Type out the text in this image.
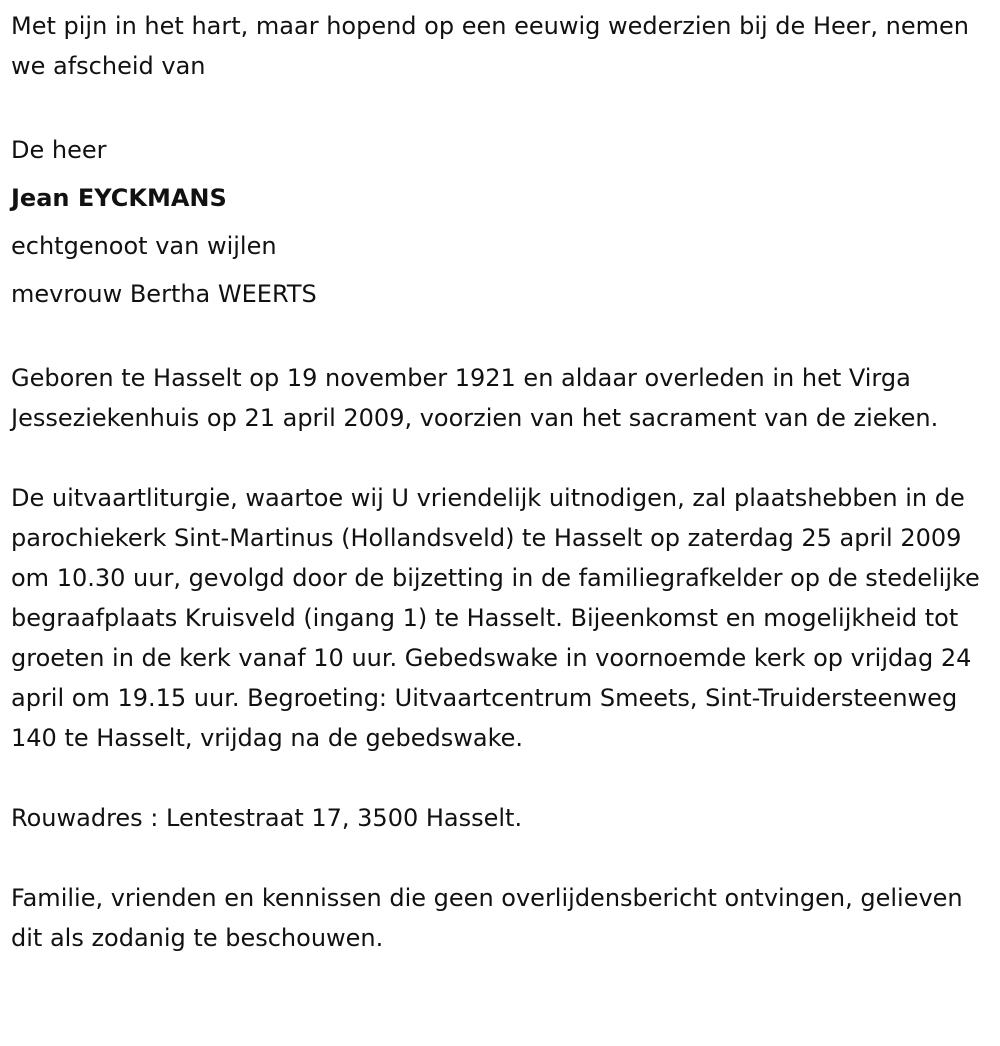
Met pijn in het hart, maar hopend op een eeuwig wederzien bij de Heer, nemen we afscheid van

De heer

Jean EYCKMANS

echtgenoot van wijlen

mevrouw Bertha WEERTS

Geboren te Hasselt op 19 november 1921 en aldaar overleden in het Virga Jesseziekenhuis op 21 april 2009, voorzien van het sacrament van de zieken.

De uitvaartliturgie, waartoe wij U vriendelijk uitnodigen, zal plaatshebben in de parochiekerk Sint-Martinus (Hollandsveld) te Hasselt op zaterdag 25 april 2009 om 10.30 uur, gevolgd door de bijzetting in de familiegrafkelder op de stedelijke begraafplaats Kruisveld (ingang 1) te Hasselt. Bijeenkomst en mogelijkheid tot groeten in de kerk vanaf 10 uur. Gebedswake in voornoemde kerk op vrijdag 24 april om 19.15 uur. Begroeting: Uitvaartcentrum Smeets, Sint-Truidersteenweg 140 te Hasselt, vrijdag na de gebedswake.

Rouwadres : Lentestraat 17, 3500 Hasselt.

Familie, vrienden en kennissen die geen overlijdensbericht ontvingen, gelieven dit als zodanig te beschouwen.
